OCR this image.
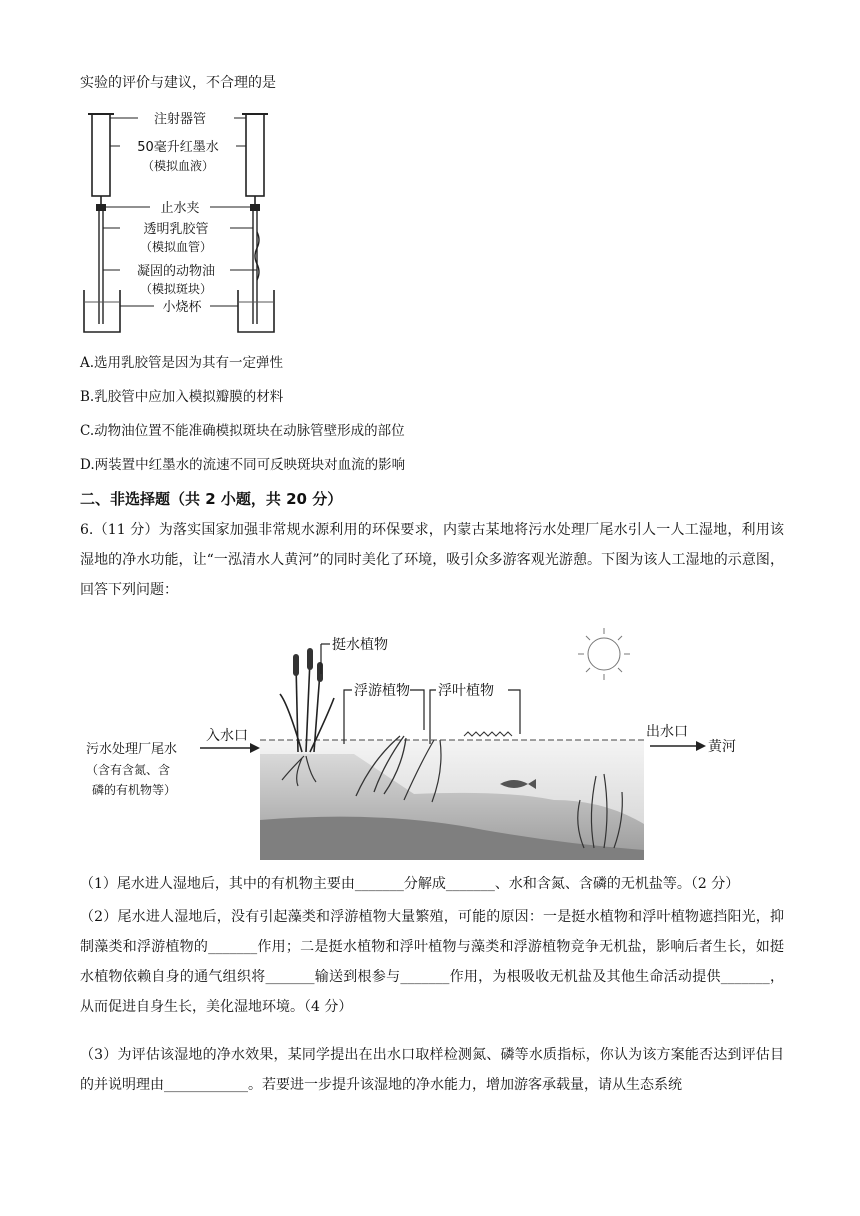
实验的评价与建议，不合理的是
注射器管
50毫升红墨水
（模拟血液）
止水夹
透明乳胶管
（模拟血管）
凝固的动物油
（模拟斑块）
小烧杯
A.选用乳胶管是因为其有一定弹性
B.乳胶管中应加入模拟瓣膜的材料
C.动物油位置不能准确模拟斑块在动脉管壁形成的部位
D.两装置中红墨水的流速不同可反映斑块对血流的影响
二、非选择题（共 2 小题，共 20 分）
6.（11 分）为落实国家加强非常规水源利用的环保要求，内蒙古某地将污水处理厂尾水引人一人工湿地，利用该湿地的净水功能，让“一泓清水人黄河”的同时美化了环境，吸引众多游客观光游憩。下图为该人工湿地的示意图，回答下列问题：
挺水植物
浮游植物 浮叶植物
入水口
污水处理厂尾水
（含有含氮、含
磷的有机物等）
出水口
黄河
（1）尾水进人湿地后，其中的有机物主要由_______分解成_______、水和含氮、含磷的无机盐等。（2 分）
（2）尾水进人湿地后，没有引起藻类和浮游植物大量繁殖，可能的原因：一是挺水植物和浮叶植物遮挡阳光，抑制藻类和浮游植物的_______作用；二是挺水植物和浮叶植物与藻类和浮游植物竞争无机盐，影响后者生长，如挺水植物依赖自身的通气组织将_______输送到根参与_______作用，为根吸收无机盐及其他生命活动提供_______，从而促进自身生长，美化湿地环境。（4 分）
（3）为评估该湿地的净水效果，某同学提出在出水口取样检测氮、磷等水质指标，你认为该方案能否达到评估目的并说明理由____________。若要进一步提升该湿地的净水能力，增加游客承载量，请从生态系统
